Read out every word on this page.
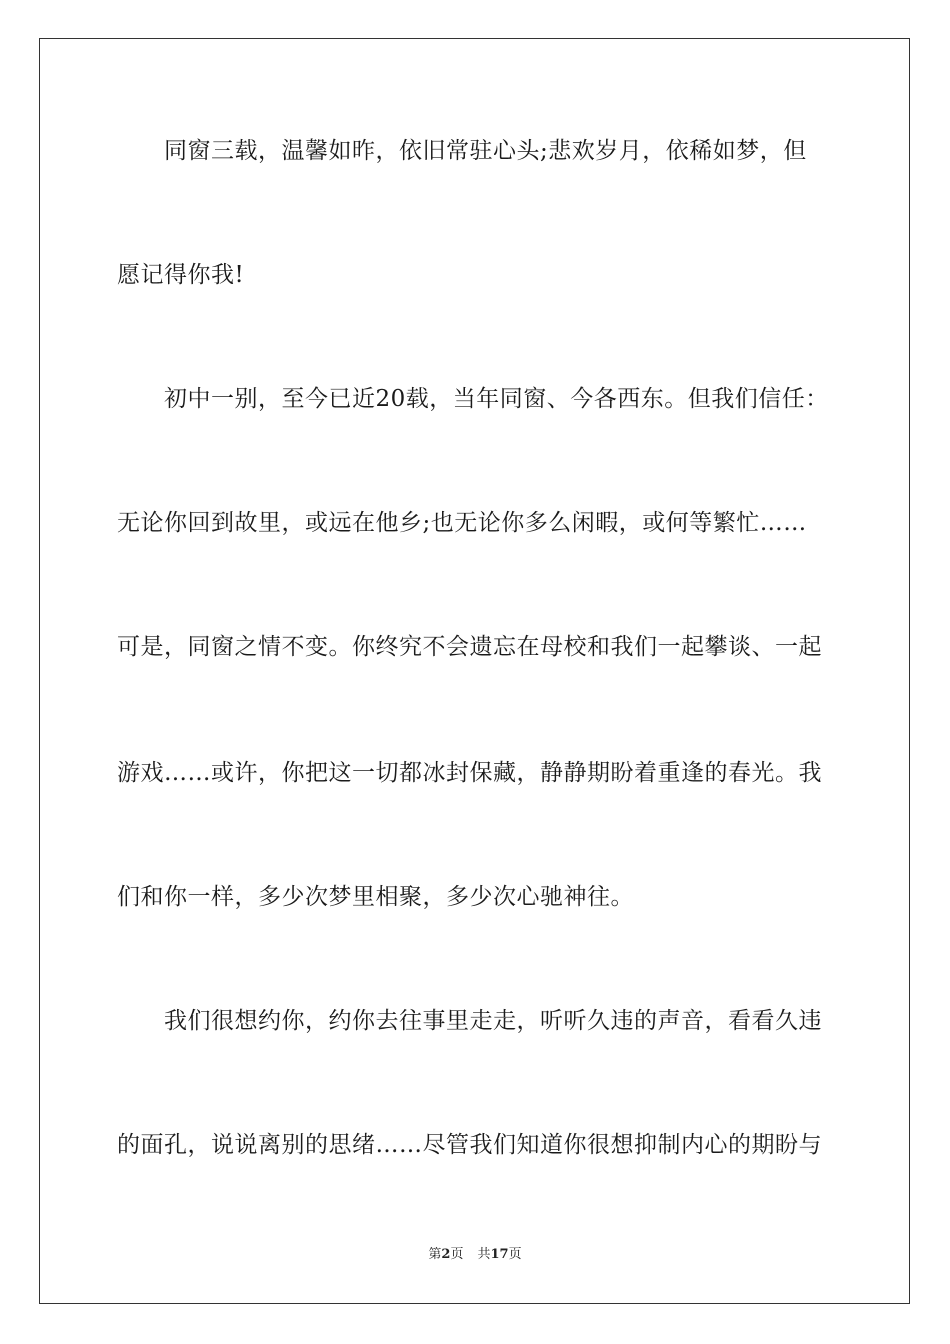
同窗三载，温馨如昨，依旧常驻心头;悲欢岁月，依稀如梦，但
愿记得你我!
初中一别，至今已近20载，当年同窗、今各西东。但我们信任：
无论你回到故里，或远在他乡;也无论你多么闲暇，或何等繁忙……
可是，同窗之情不变。你终究不会遗忘在母校和我们一起攀谈、一起
游戏……或许，你把这一切都冰封保藏，静静期盼着重逢的春光。我
们和你一样，多少次梦里相聚，多少次心驰神往。
我们很想约你，约你去往事里走走，听听久违的声音，看看久违
的面孔，说说离别的思绪……尽管我们知道你很想抑制内心的期盼与
第2页 共17页
